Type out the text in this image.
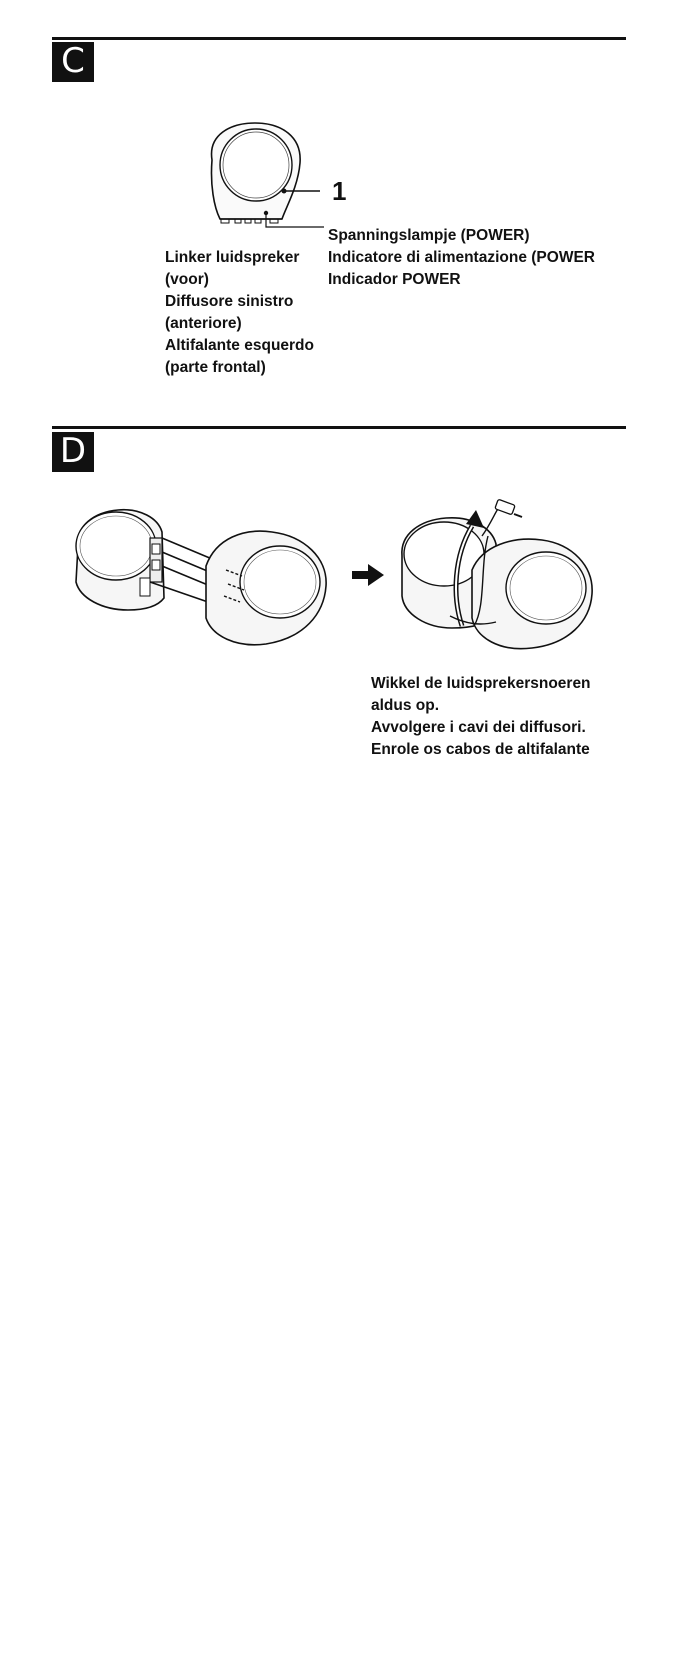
C
1
Linker luidspreker
(voor)
Diffusore sinistro
(anteriore)
Altifalante esquerdo
(parte frontal)
Spanningslampje (POWER)
Indicatore di alimentazione (POWER
Indicador POWER
D
Wikkel de luidsprekersnoeren
aldus op.
Avvolgere i cavi dei diffusori.
Enrole os cabos de altifalante
